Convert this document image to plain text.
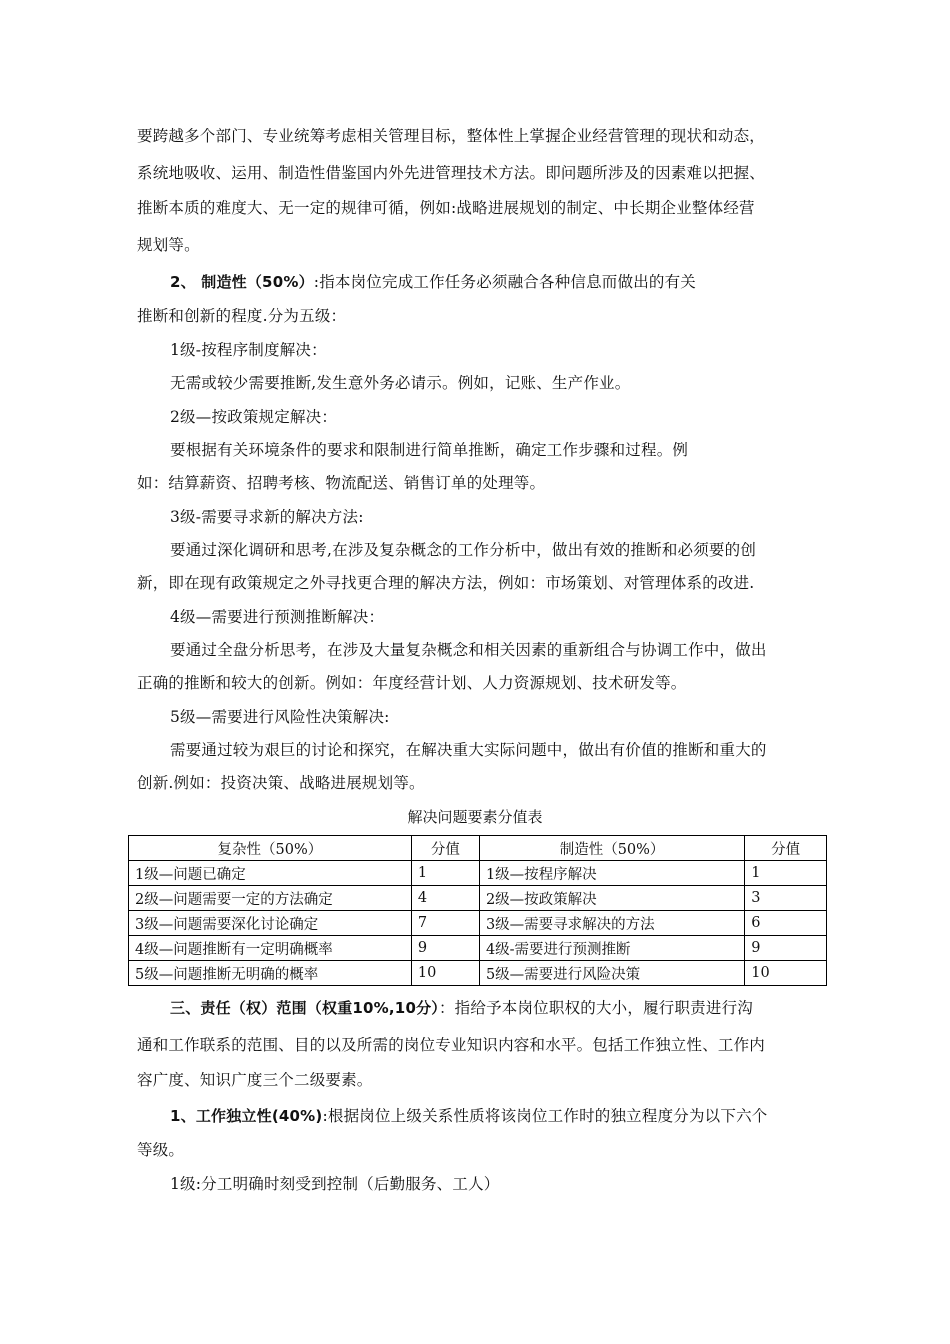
要跨越多个部门、专业统筹考虑相关管理目标，整体性上掌握企业经营管理的现状和动态，
系统地吸收、运用、制造性借鉴国内外先进管理技术方法。即问题所涉及的因素难以把握、
推断本质的难度大、无一定的规律可循，例如:战略进展规划的制定、中长期企业整体经营
规划等。
2、 制造性（50%）:指本岗位完成工作任务必须融合各种信息而做出的有关
推断和创新的程度.分为五级：
1级-按程序制度解决：
无需或较少需要推断,发生意外务必请示。例如，记账、生产作业。
2级—按政策规定解决：
要根据有关环境条件的要求和限制进行简单推断，确定工作步骤和过程。例
如：结算薪资、招聘考核、物流配送、销售订单的处理等。
3级-需要寻求新的解决方法:
要通过深化调研和思考,在涉及复杂概念的工作分析中，做出有效的推断和必须要的创
新，即在现有政策规定之外寻找更合理的解决方法，例如：市场策划、对管理体系的改进.
4级—需要进行预测推断解决：
要通过全盘分析思考，在涉及大量复杂概念和相关因素的重新组合与协调工作中，做出
正确的推断和较大的创新。例如：年度经营计划、人力资源规划、技术研发等。
5级—需要进行风险性决策解决:
需要通过较为艰巨的讨论和探究，在解决重大实际问题中，做出有价值的推断和重大的
创新.例如：投资决策、战略进展规划等。
解决问题要素分值表
复杂性（50%）	分值	制造性（50%）	分值
1级—问题已确定	1	1级—按程序解决	1
2级—问题需要一定的方法确定	4	2级—按政策解决	3
3级—问题需要深化讨论确定	7	3级—需要寻求解决的方法	6
4级—问题推断有一定明确概率	9	4级-需要进行预测推断	9
5级—问题推断无明确的概率	10	5级—需要进行风险决策	10
三、责任（权）范围（权重10%,10分）：指给予本岗位职权的大小，履行职责进行沟
通和工作联系的范围、目的以及所需的岗位专业知识内容和水平。包括工作独立性、工作内
容广度、知识广度三个二级要素。
1、工作独立性(40%):根据岗位上级关系性质将该岗位工作时的独立程度分为以下六个
等级。
1级:分工明确时刻受到控制（后勤服务、工人）
